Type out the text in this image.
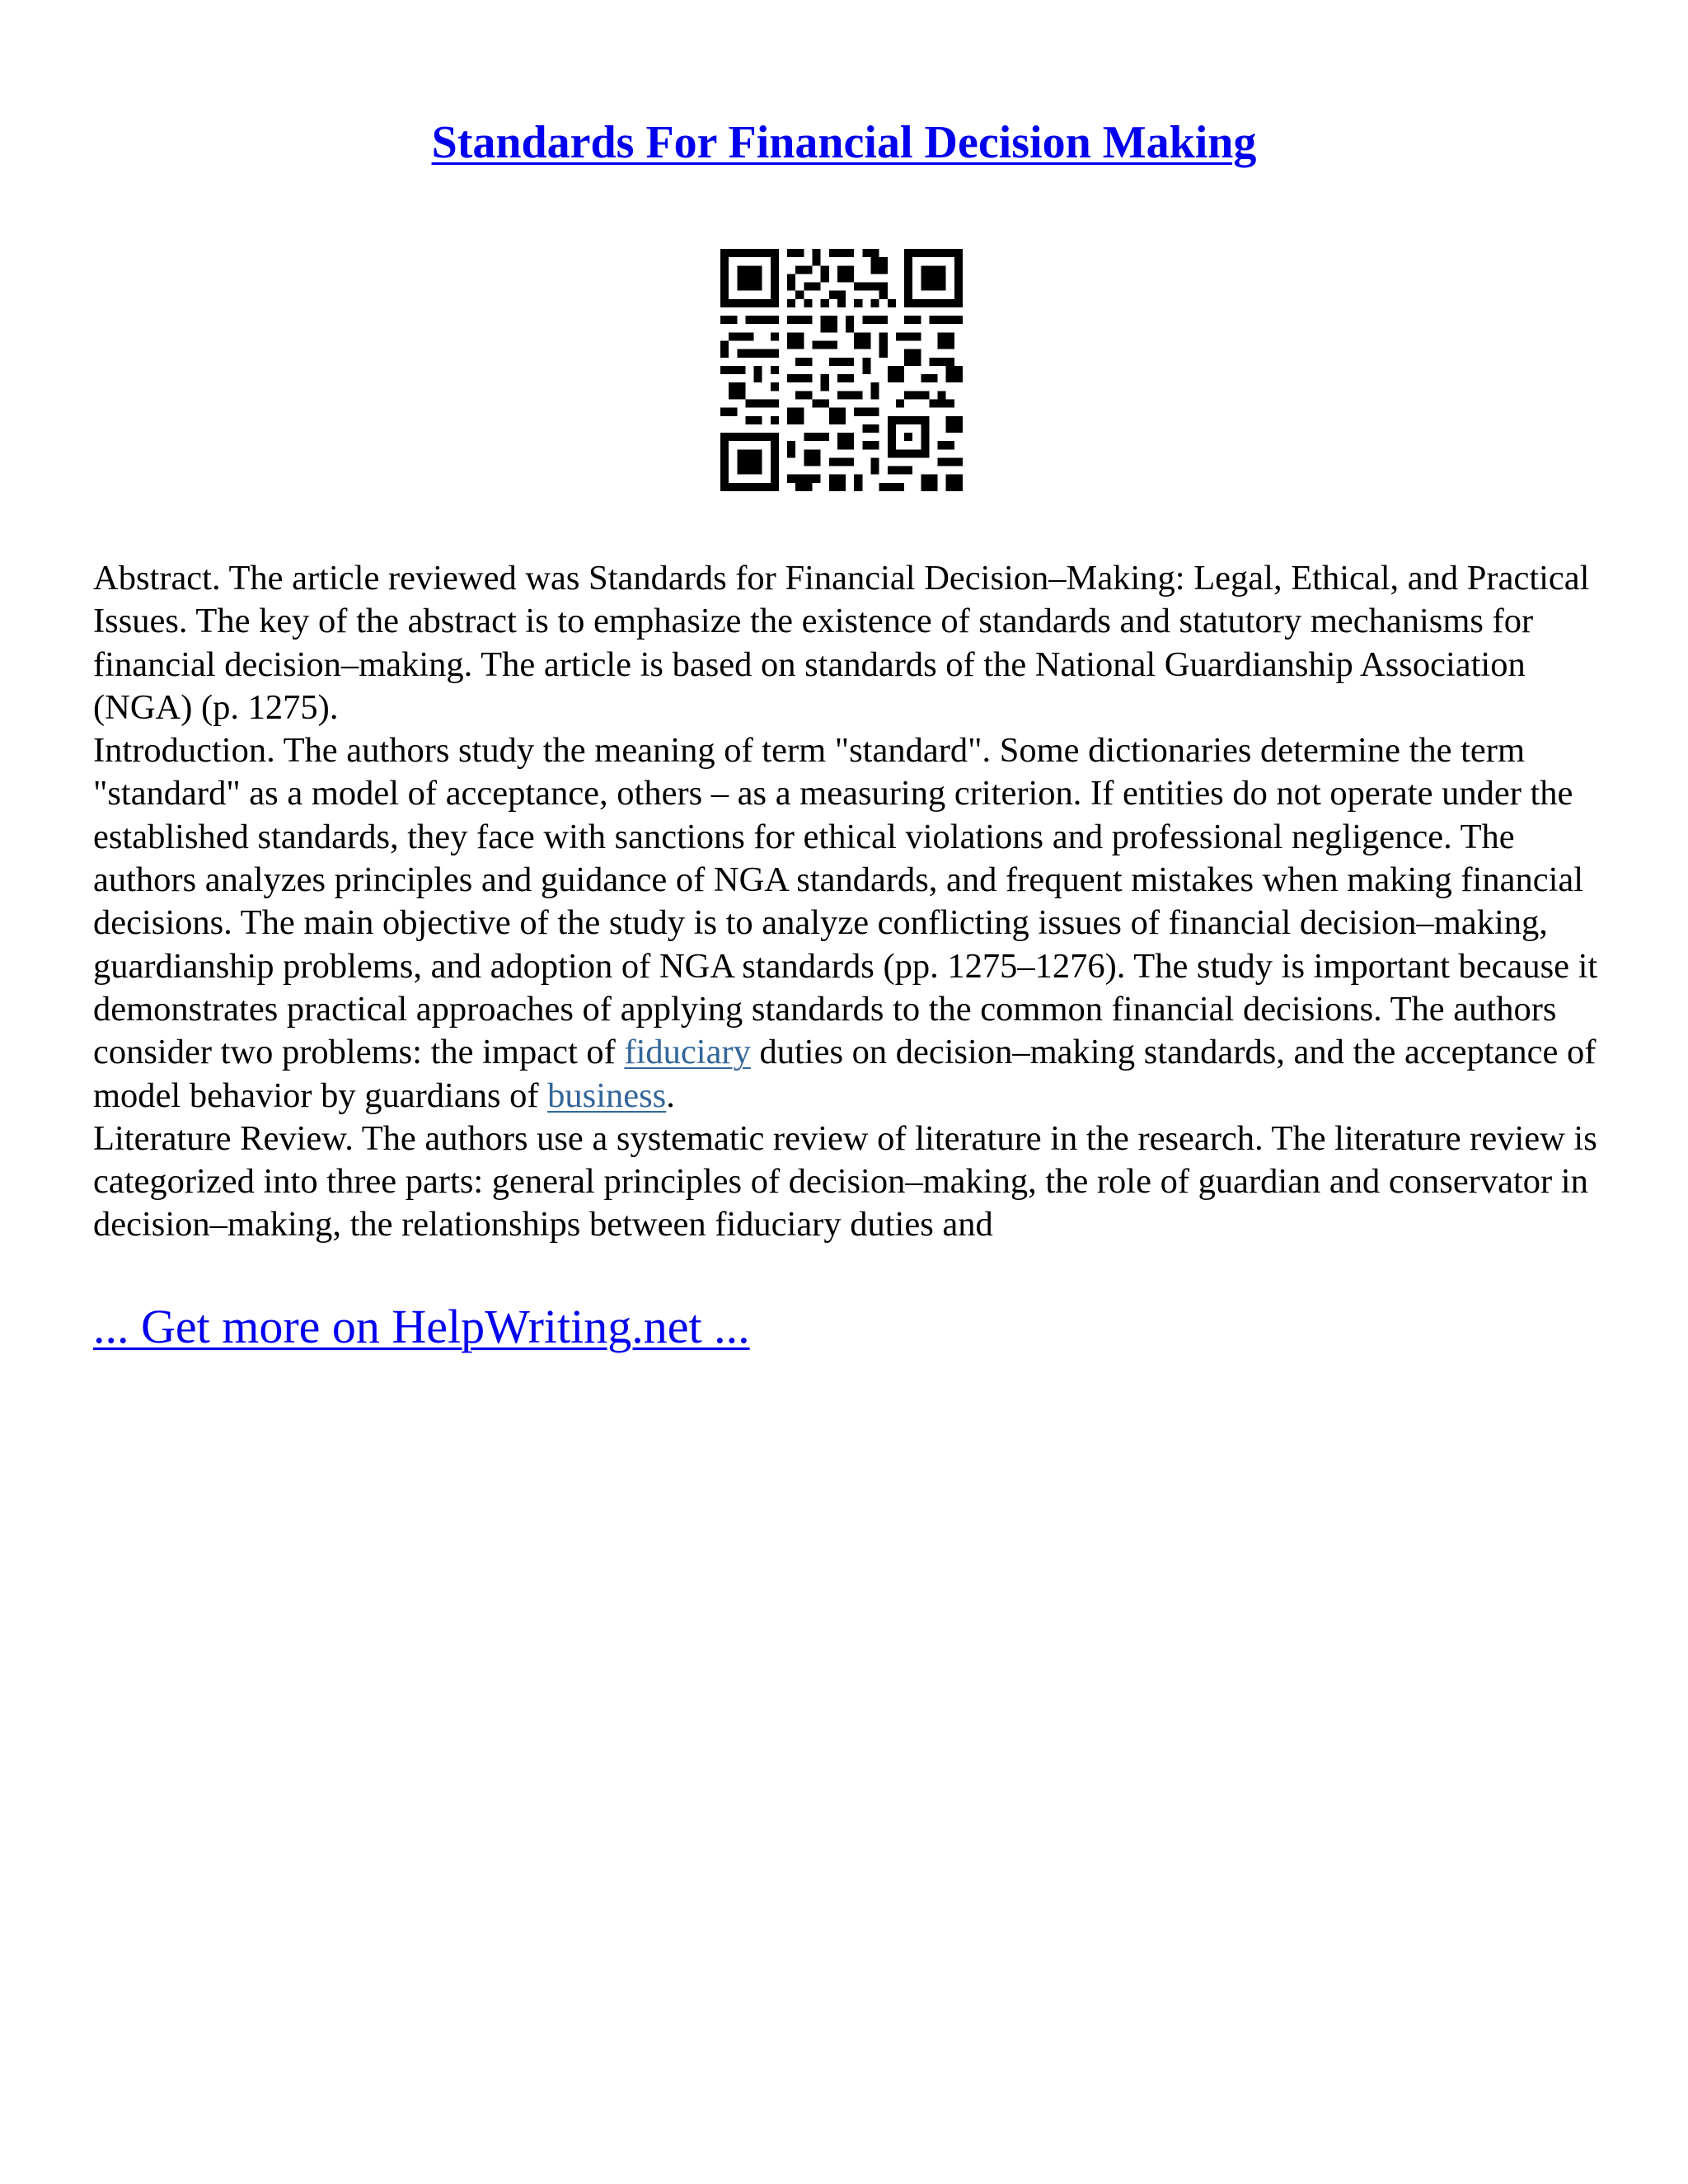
Standards For Financial Decision Making

Abstract. The article reviewed was Standards for Financial Decision–Making: Legal, Ethical, and Practical Issues. The key of the abstract is to emphasize the existence of standards and statutory mechanisms for financial decision–making. The article is based on standards of the National Guardianship Association (NGA) (p. 1275).

Introduction. The authors study the meaning of term "standard". Some dictionaries determine the term "standard" as a model of acceptance, others – as a measuring criterion. If entities do not operate under the established standards, they face with sanctions for ethical violations and professional negligence. The authors analyzes principles and guidance of NGA standards, and frequent mistakes when making financial decisions. The main objective of the study is to analyze conflicting issues of financial decision–making, guardianship problems, and adoption of NGA standards (pp. 1275–1276). The study is important because it demonstrates practical approaches of applying standards to the common financial decisions. The authors consider two problems: the impact of fiduciary duties on decision–making standards, and the acceptance of model behavior by guardians of business.

Literature Review. The authors use a systematic review of literature in the research. The literature review is categorized into three parts: general principles of decision–making, the role of guardian and conservator in decision–making, the relationships between fiduciary duties and

... Get more on HelpWriting.net ...
